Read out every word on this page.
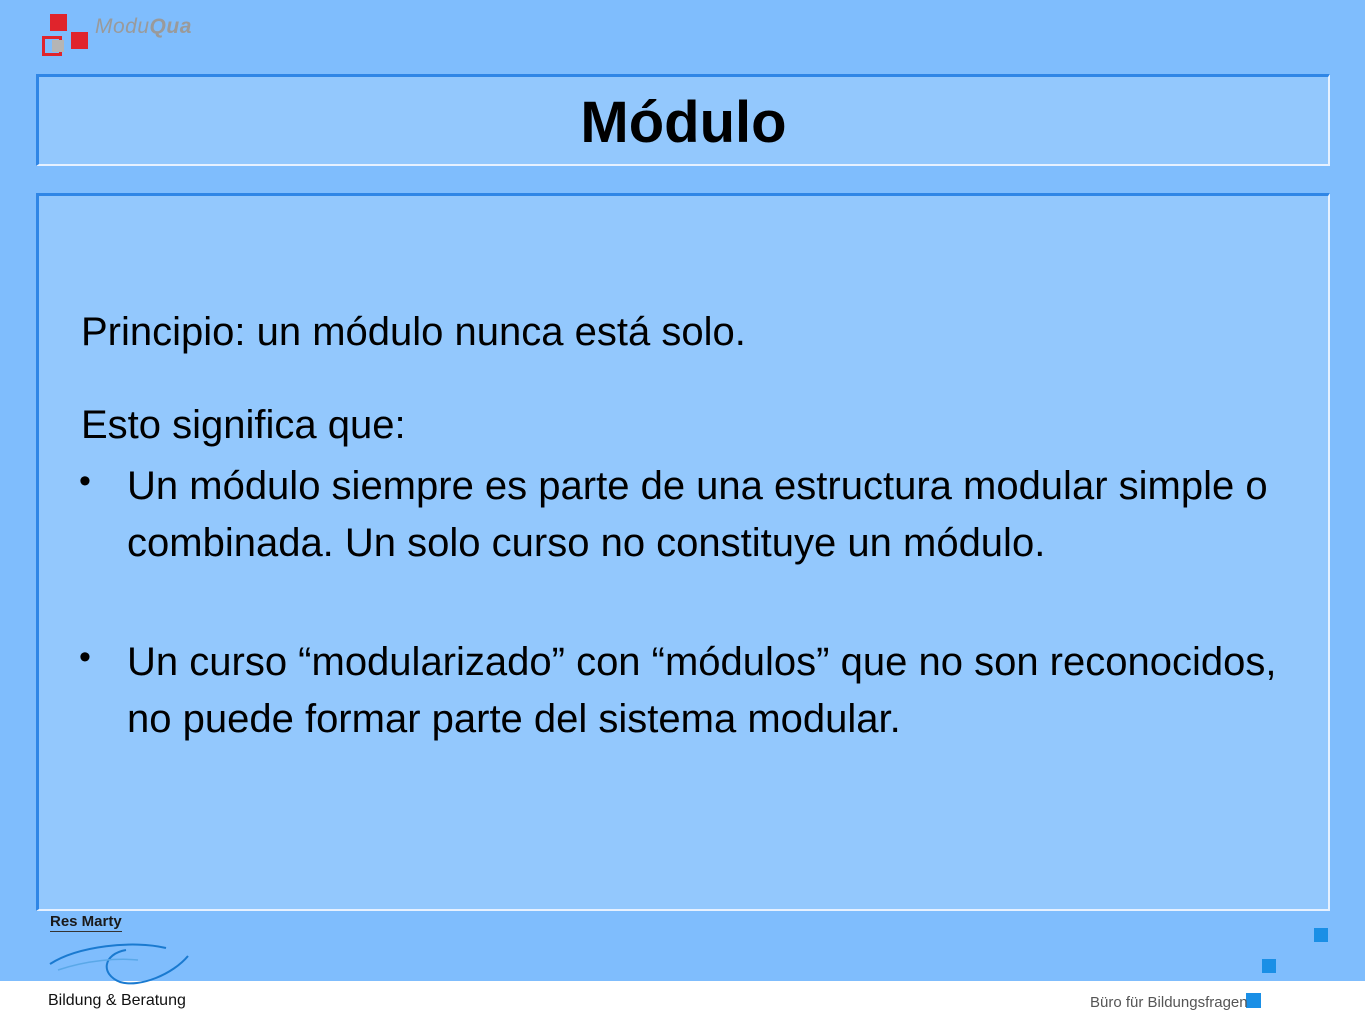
ModuQua
Módulo

Principio: un módulo nunca está solo.

Esto significa que:

• Un módulo siempre es parte de una estructura modular simple o combinada. Un solo curso no constituye un módulo.
• Un curso “modularizado” con “módulos” que no son reconocidos, no puede formar parte del sistema modular.
Res Marty
Bildung & Beratung	Büro für Bildungsfragen
